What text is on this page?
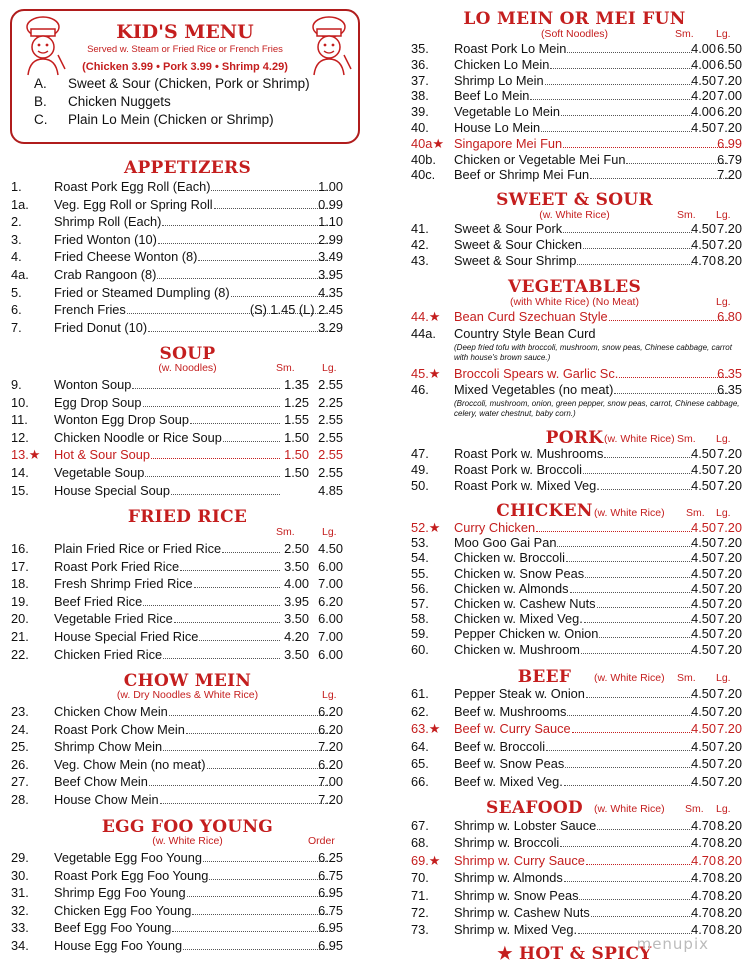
KID'S MENU
Served w. Steam or Fried Rice or French Fries
(Chicken 3.99 • Pork 3.99 • Shrimp 4.29)
A. Sweet & Sour (Chicken, Pork or Shrimp)
B. Chicken Nuggets
C. Plain Lo Mein (Chicken or Shrimp)
APPETIZERS
1.	Roast Pork Egg Roll (Each)	1.00
1a. Veg. Egg Roll or Spring Roll	0.99
2.	Shrimp Roll (Each)	1.10
3.	Fried Wonton (10)	2.99
4.	Fried Cheese Wonton (8)	3.49
4a. Crab Rangoon (8)	3.95
5.	Fried or Steamed Dumpling (8)	4.35
6.	French Fries	(S) 1.45 (L) 2.45
7.	Fried Donut (10)	3.29
SOUP
(w. Noodles)	Sm.	Lg.
9.	Wonton Soup	1.35 2.55
10. Egg Drop Soup	1.25 2.25
11. Wonton Egg Drop Soup	1.55 2.55
12. Chicken Noodle or Rice Soup	1.50 2.55
13.★ Hot & Sour Soup	1.50 2.55
14. Vegetable Soup	1.50 2.55
15. House Special Soup	4.85
FRIED RICE
Sm.	Lg.
16. Plain Fried Rice or Fried Rice	2.50 4.50
17. Roast Pork Fried Rice	3.50 6.00
18. Fresh Shrimp Fried Rice	4.00 7.00
19. Beef Fried Rice	3.95 6.20
20. Vegetable Fried Rice	3.50 6.00
21. House Special Fried Rice	4.20 7.00
22. Chicken Fried Rice	3.50 6.00
CHOW MEIN
(w. Dry Noodles & White Rice)	Lg.
23. Chicken Chow Mein	6.20
24. Roast Pork Chow Mein	6.20
25. Shrimp Chow Mein	7.20
26. Veg. Chow Mein (no meat)	6.20
27. Beef Chow Mein	7.00
28. House Chow Mein	7.20
EGG FOO YOUNG
(w. White Rice)	Order
29. Vegetable Egg Foo Young	6.25
30. Roast Pork Egg Foo Young	6.75
31. Shrimp Egg Foo Young	6.95
32. Chicken Egg Foo Young	6.75
33. Beef Egg Foo Young	6.95
34. House Egg Foo Young	6.95
LO MEIN OR MEI FUN
(Soft Noodles)	Sm. Lg.
35. Roast Pork Lo Mein	4.00 6.50
36. Chicken Lo Mein	4.00 6.50
37. Shrimp Lo Mein	4.50 7.20
38. Beef Lo Mein	4.20 7.00
39. Vegetable Lo Mein	4.00 6.20
40. House Lo Mein	4.50 7.20
40a★ Singapore Mei Fun	6.99
40b. Chicken or Vegetable Mei Fun	6.79
40c. Beef or Shrimp Mei Fun	7.20
SWEET & SOUR
(w. White Rice)	Sm. Lg.
41. Sweet & Sour Pork	4.50 7.20
42. Sweet & Sour Chicken	4.50 7.20
43. Sweet & Sour Shrimp	4.70 8.20
VEGETABLES
(with White Rice) (No Meat)	Lg.
44.★ Bean Curd Szechuan Style	6.80
44a. Country Style Bean Curd
(Deep fried tofu with broccoli, mushroom, snow peas, Chinese cabbage, carrot with house's brown sauce.)
45.★ Broccoli Spears w. Garlic Sc.	6.35
46. Mixed Vegetables (no meat)	6.35
(Broccoli, mushroom, onion, green pepper, snow peas, carrot, Chinese cabbage, celery, water chestnut, baby corn.)
PORK (w. White Rice) Sm. Lg.
47. Roast Pork w. Mushrooms	4.50 7.20
49. Roast Pork w. Broccoli	4.50 7.20
50. Roast Pork w. Mixed Veg.	4.50 7.20
CHICKEN (w. White Rice) Sm. Lg.
52.★ Curry Chicken	4.50 7.20
53. Moo Goo Gai Pan	4.50 7.20
54. Chicken w. Broccoli	4.50 7.20
55. Chicken w. Snow Peas	4.50 7.20
56. Chicken w. Almonds	4.50 7.20
57. Chicken w. Cashew Nuts	4.50 7.20
58. Chicken w. Mixed Veg.	4.50 7.20
59. Pepper Chicken w. Onion	4.50 7.20
60. Chicken w. Mushroom	4.50 7.20
BEEF	(w. White Rice) Sm. Lg.
61. Pepper Steak w. Onion	4.50 7.20
62. Beef w. Mushrooms	4.50 7.20
63.★ Beef w. Curry Sauce	4.50 7.20
64. Beef w. Broccoli	4.50 7.20
65. Beef w. Snow Peas	4.50 7.20
66. Beef w. Mixed Veg.	4.50 7.20
SEAFOOD	(w. White Rice) Sm. Lg.
67. Shrimp w. Lobster Sauce	4.70 8.20
68. Shrimp w. Broccoli	4.70 8.20
69.★ Shrimp w. Curry Sauce	4.70 8.20
70. Shrimp w. Almonds	4.70 8.20
71. Shrimp w. Snow Peas	4.70 8.20
72. Shrimp w. Cashew Nuts	4.70 8.20
73. Shrimp w. Mixed Veg.	4.70 8.20
★ HOT & SPICY
menupix
